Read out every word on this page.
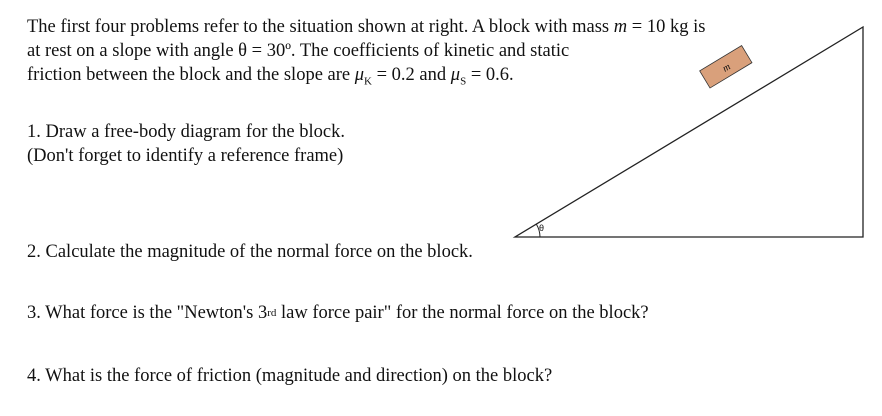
The first four problems refer to the situation shown at right. A block with mass m = 10 kg is
at rest on a slope with angle θ = 30º. The coefficients of kinetic and static
friction between the block and the slope are $\mu_K = 0.2$ and $\mu_S = 0.6$.
1. Draw a free-body diagram for the block.
(Don't forget to identify a reference frame)
2. Calculate the magnitude of the normal force on the block.
3. What force is the "Newton's 3rd law force pair" for the normal force on the block?
4. What is the force of friction (magnitude and direction) on the block?
θ
m
